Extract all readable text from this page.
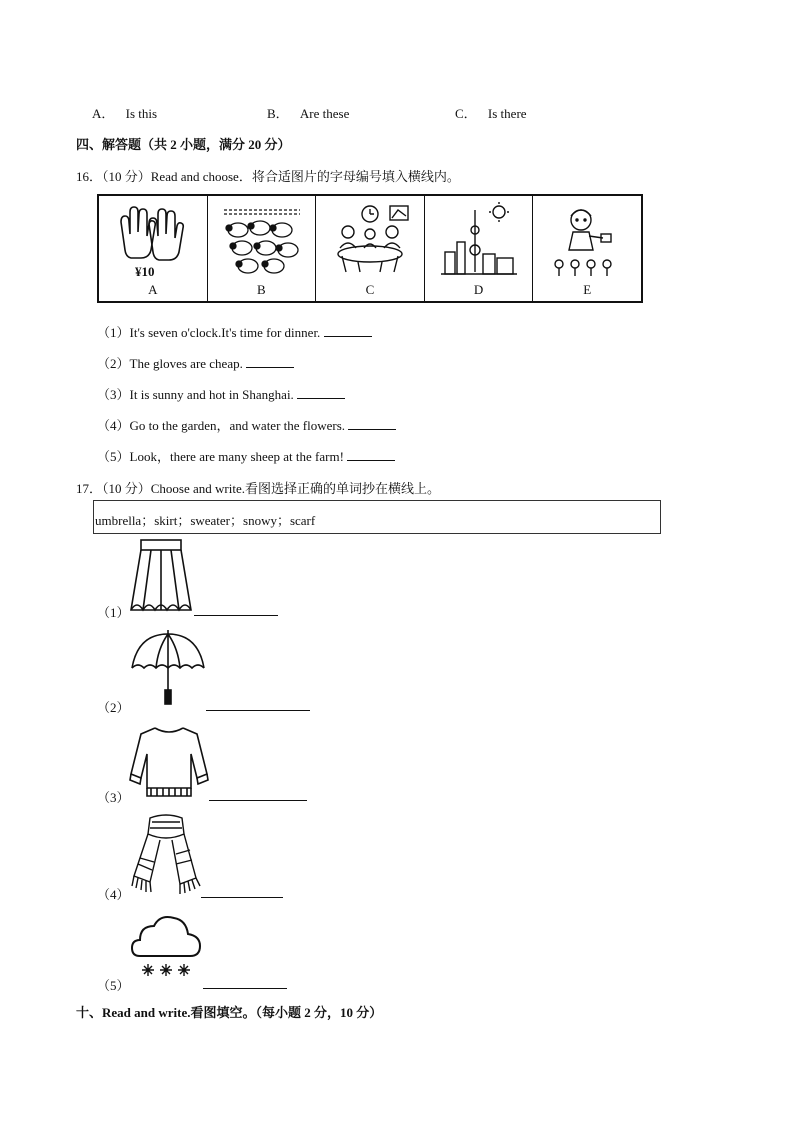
A． Is this	B． Are these	C． Is there
四、解答题（共 2 小题，满分 20 分）
16．（10 分）Read and choose．将合适图片的字母编号填入横线内。
¥10
A	B	C	D	E
（1）It's seven o'clock.It's time for dinner.
（2）The gloves are cheap.
（3）It is sunny and hot in Shanghai.
（4）Go to the garden，and water the flowers.
（5）Look，there are many sheep at the farm!
17．（10 分）Choose and write.看图选择正确的单词抄在横线上。
umbrella；skirt；sweater；snowy；scarf
（1）
（2）
（3）
（4）
（5）
十、Read and write.看图填空。（每小题 2 分，10 分）
